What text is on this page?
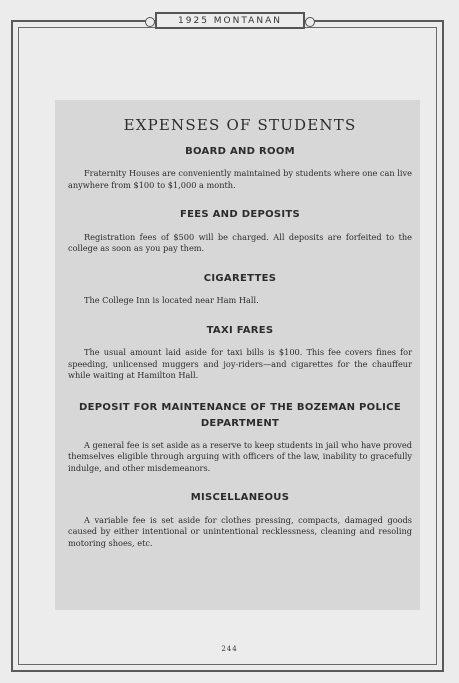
1925 MONTANAN
EXPENSES OF STUDENTS
BOARD AND ROOM

Fraternity Houses are conveniently maintained by students where one can live anywhere from $100 to $1,000 a month.

FEES AND DEPOSITS

Registration fees of $500 will be charged. All deposits are forfeited to the college as soon as you pay them.

CIGARETTES

The College Inn is located near Ham Hall.

TAXI FARES

The usual amount laid aside for taxi bills is $100. This fee covers fines for speeding, unlicensed muggers and joy-riders—and cigarettes for the chauffeur while waiting at Hamilton Hall.

DEPOSIT FOR MAINTENANCE OF THE BOZEMAN POLICE DEPARTMENT

A general fee is set aside as a reserve to keep students in jail who have proved themselves eligible through arguing with officers of the law, inability to gracefully indulge, and other misdemeanors.

MISCELLANEOUS

A variable fee is set aside for clothes pressing, compacts, damaged goods caused by either intentional or unintentional recklessness, cleaning and resoling motoring shoes, etc.

244
